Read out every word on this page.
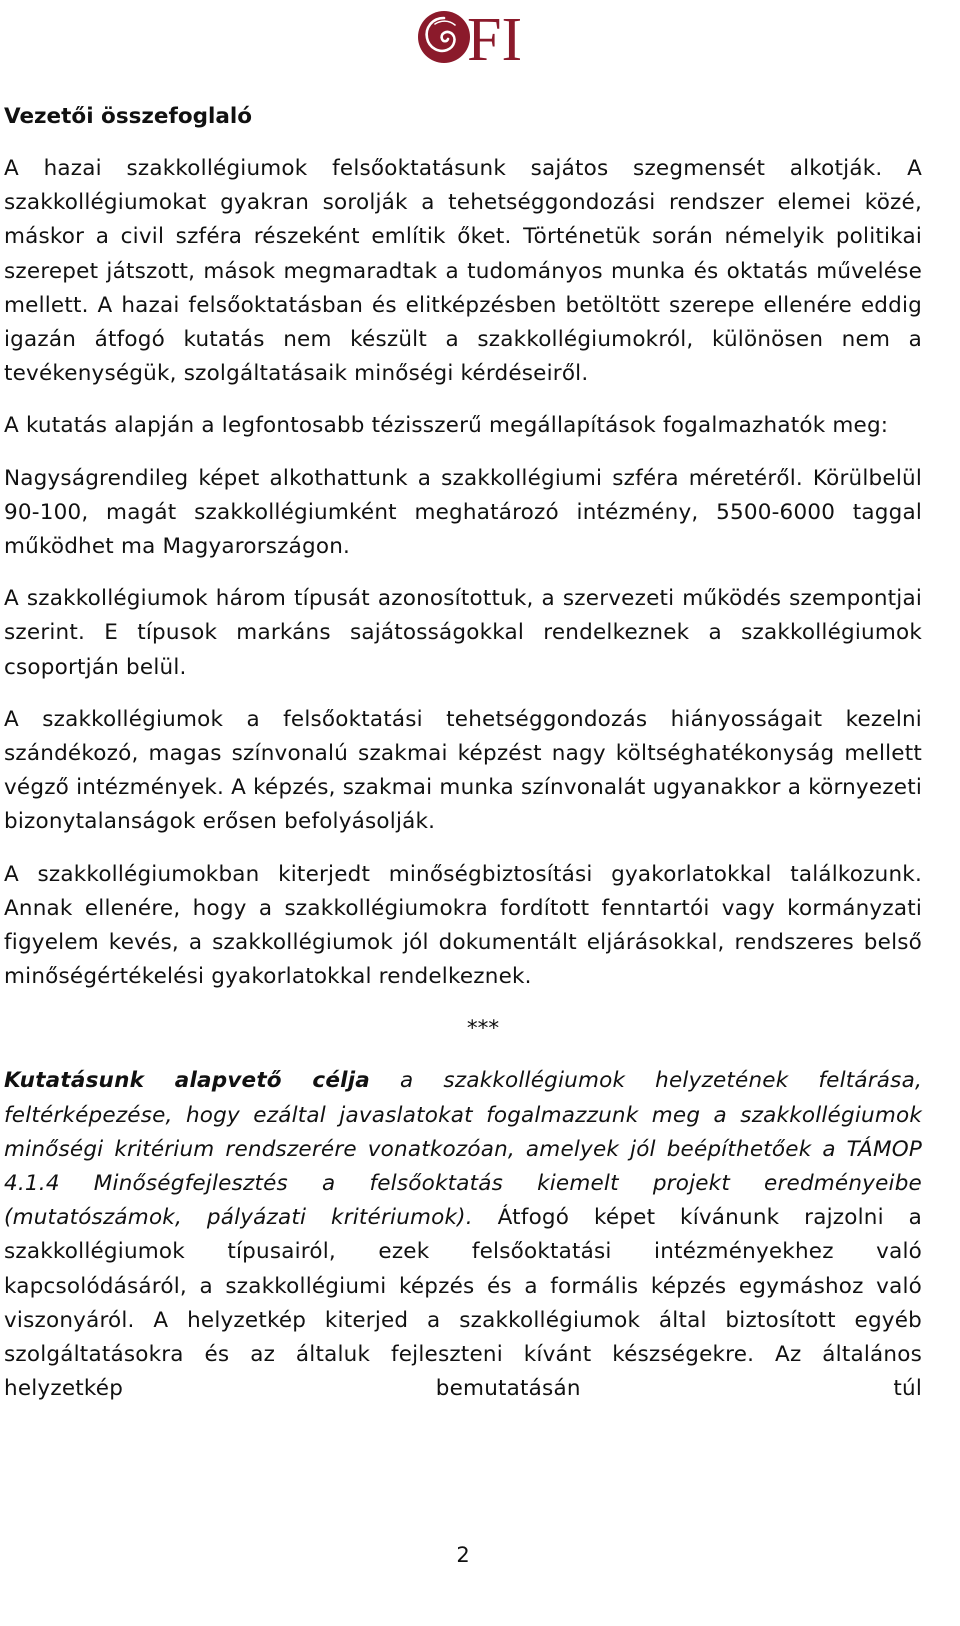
FI
Vezetői összefoglaló

A hazai szakkollégiumok felsőoktatásunk sajátos szegmensét alkotják. A szakkollégiumokat gyakran sorolják a tehetséggondozási rendszer elemei közé, máskor a civil szféra részeként említik őket. Történetük során némelyik politikai szerepet játszott, mások megmaradtak a tudományos munka és oktatás művelése mellett. A hazai felsőoktatásban és elitképzésben betöltött szerepe ellenére eddig igazán átfogó kutatás nem készült a szakkollégiumokról, különösen nem a tevékenységük, szolgáltatásaik minőségi kérdéseiről.

A kutatás alapján a legfontosabb tézisszerű megállapítások fogalmazhatók meg:

Nagyságrendileg képet alkothattunk a szakkollégiumi szféra méretéről. Körülbelül 90-100, magát szakkollégiumként meghatározó intézmény, 5500-6000 taggal működhet ma Magyarországon.

A szakkollégiumok három típusát azonosítottuk, a szervezeti működés szempontjai szerint. E típusok markáns sajátosságokkal rendelkeznek a szakkollégiumok csoportján belül.

A szakkollégiumok a felsőoktatási tehetséggondozás hiányosságait kezelni szándékozó, magas színvonalú szakmai képzést nagy költséghatékonyság mellett végző intézmények. A képzés, szakmai munka színvonalát ugyanakkor a környezeti bizonytalanságok erősen befolyásolják.

A szakkollégiumokban kiterjedt minőségbiztosítási gyakorlatokkal találkozunk. Annak ellenére, hogy a szakkollégiumokra fordított fenntartói vagy kormányzati figyelem kevés, a szakkollégiumok jól dokumentált eljárásokkal, rendszeres belső minőségértékelési gyakorlatokkal rendelkeznek.

***

Kutatásunk alapvető célja a szakkollégiumok helyzetének feltárása, feltérképezése, hogy ezáltal javaslatokat fogalmazzunk meg a szakkollégiumok minőségi kritérium rendszerére vonatkozóan, amelyek jól beépíthetőek a TÁMOP 4.1.4 Minőségfejlesztés a felsőoktatás kiemelt projekt eredményeibe (mutatószámok, pályázati kritériumok). Átfogó képet kívánunk rajzolni a szakkollégiumok típusairól, ezek felsőoktatási intézményekhez való kapcsolódásáról, a szakkollégiumi képzés és a formális képzés egymáshoz való viszonyáról. A helyzetkép kiterjed a szakkollégiumok által biztosított egyéb szolgáltatásokra és az általuk fejleszteni kívánt készségekre. Az általános helyzetkép bemutatásán túl

2
